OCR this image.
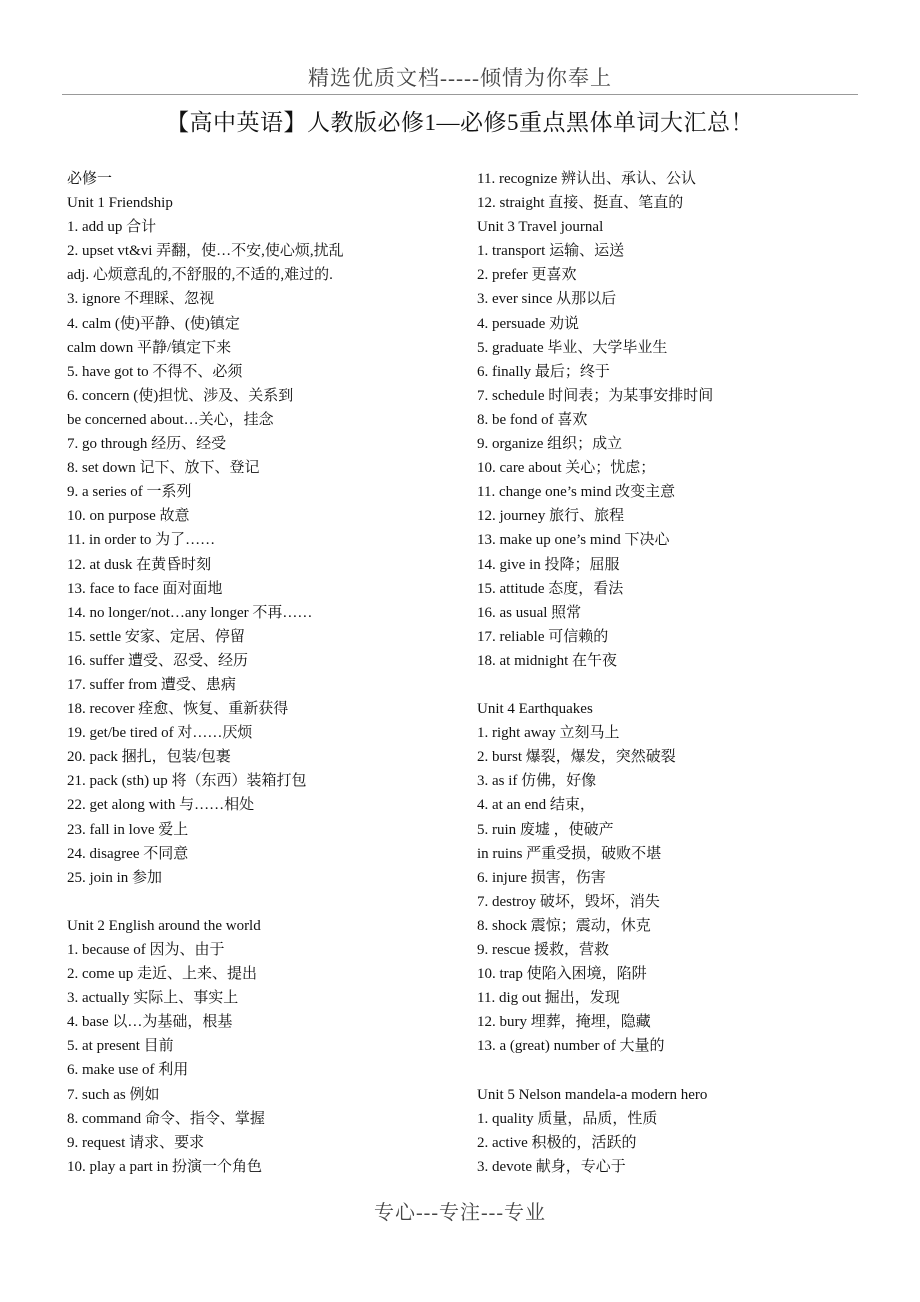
精选优质文档-----倾情为你奉上
【高中英语】人教版必修1—必修5重点黑体单词大汇总！
必修一
Unit 1 Friendship
1. add up 合计
2. upset vt&vi 弄翻，使…不安,使心烦,扰乱
adj. 心烦意乱的,不舒服的,不适的,难过的.
3. ignore 不理睬、忽视
4. calm (使)平静、(使)镇定
calm down 平静/镇定下来
5. have got to 不得不、必须
6. concern (使)担忧、涉及、关系到
be concerned about…关心，挂念
7. go through 经历、经受
8. set down 记下、放下、登记
9. a series of 一系列
10. on purpose 故意
11. in order to 为了……
12. at dusk 在黄昏时刻
13. face to face 面对面地
14. no longer/not…any longer 不再……
15. settle 安家、定居、停留
16. suffer 遭受、忍受、经历
17. suffer from 遭受、患病
18. recover 痊愈、恢复、重新获得
19. get/be tired of 对……厌烦
20. pack 捆扎，包装/包裹
21. pack (sth) up 将（东西）装箱打包
22. get along with 与……相处
23. fall in love 爱上
24. disagree 不同意
25. join in 参加
Unit 2 English around the world
1. because of 因为、由于
2. come up 走近、上来、提出
3. actually 实际上、事实上
4. base 以…为基础，根基
5. at present 目前
6. make use of 利用
7. such as 例如
8. command 命令、指令、掌握
9. request 请求、要求
10. play a part in 扮演一个角色
11. recognize 辨认出、承认、公认
12. straight 直接、挺直、笔直的
Unit 3 Travel journal
1. transport 运输、运送
2. prefer 更喜欢
3. ever since 从那以后
4. persuade 劝说
5. graduate 毕业、大学毕业生
6. finally 最后；终于
7. schedule 时间表；为某事安排时间
8. be fond of 喜欢
9. organize 组织；成立
10. care about 关心；忧虑；
11. change one’s mind 改变主意
12. journey 旅行、旅程
13. make up one’s mind 下决心
14. give in 投降；屈服
15. attitude 态度，看法
16. as usual 照常
17. reliable 可信赖的
18. at midnight 在午夜
Unit 4 Earthquakes
1. right away 立刻马上
2. burst 爆裂，爆发，突然破裂
3. as if 仿佛，好像
4. at an end 结束，
5. ruin 废墟 ，使破产
in ruins 严重受损，破败不堪
6. injure 损害，伤害
7. destroy 破坏，毁坏，消失
8. shock 震惊；震动，休克
9. rescue 援救，营救
10. trap 使陷入困境，陷阱
11. dig out 掘出，发现
12. bury 埋葬，掩埋，隐藏
13. a (great) number of 大量的
Unit 5 Nelson mandela-a modern hero
1. quality 质量，品质，性质
2. active 积极的，活跃的
3. devote 献身，专心于
专心---专注---专业
